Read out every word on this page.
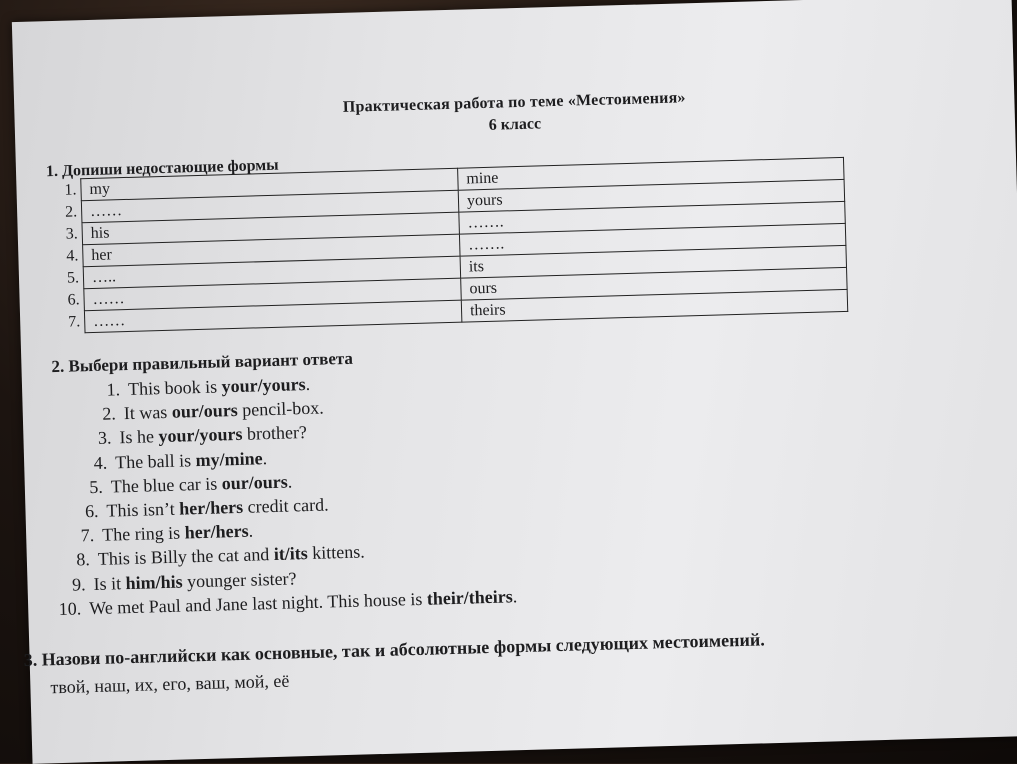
Практическая работа по теме «Местоимения»
6 класс
1. Допиши недостающие формы
1.	my	mine
2.	……	yours
3.	his	…….
4.	her	…….
5.	…..	its
6.	……	ours
7.	……	theirs
2. Выбери правильный вариант ответа
1. This book is your/yours.
2. It was our/ours pencil-box.
3. Is he your/yours brother?
4. The ball is my/mine.
5. The blue car is our/ours.
6. This isn’t her/hers credit card.
7. The ring is her/hers.
8. This is Billy the cat and it/its kittens.
9. Is it him/his younger sister?
10. We met Paul and Jane last night. This house is their/theirs.
3. Назови по-английски как основные, так и абсолютные формы следующих местоимений.
твой, наш, их, его, ваш, мой, её
